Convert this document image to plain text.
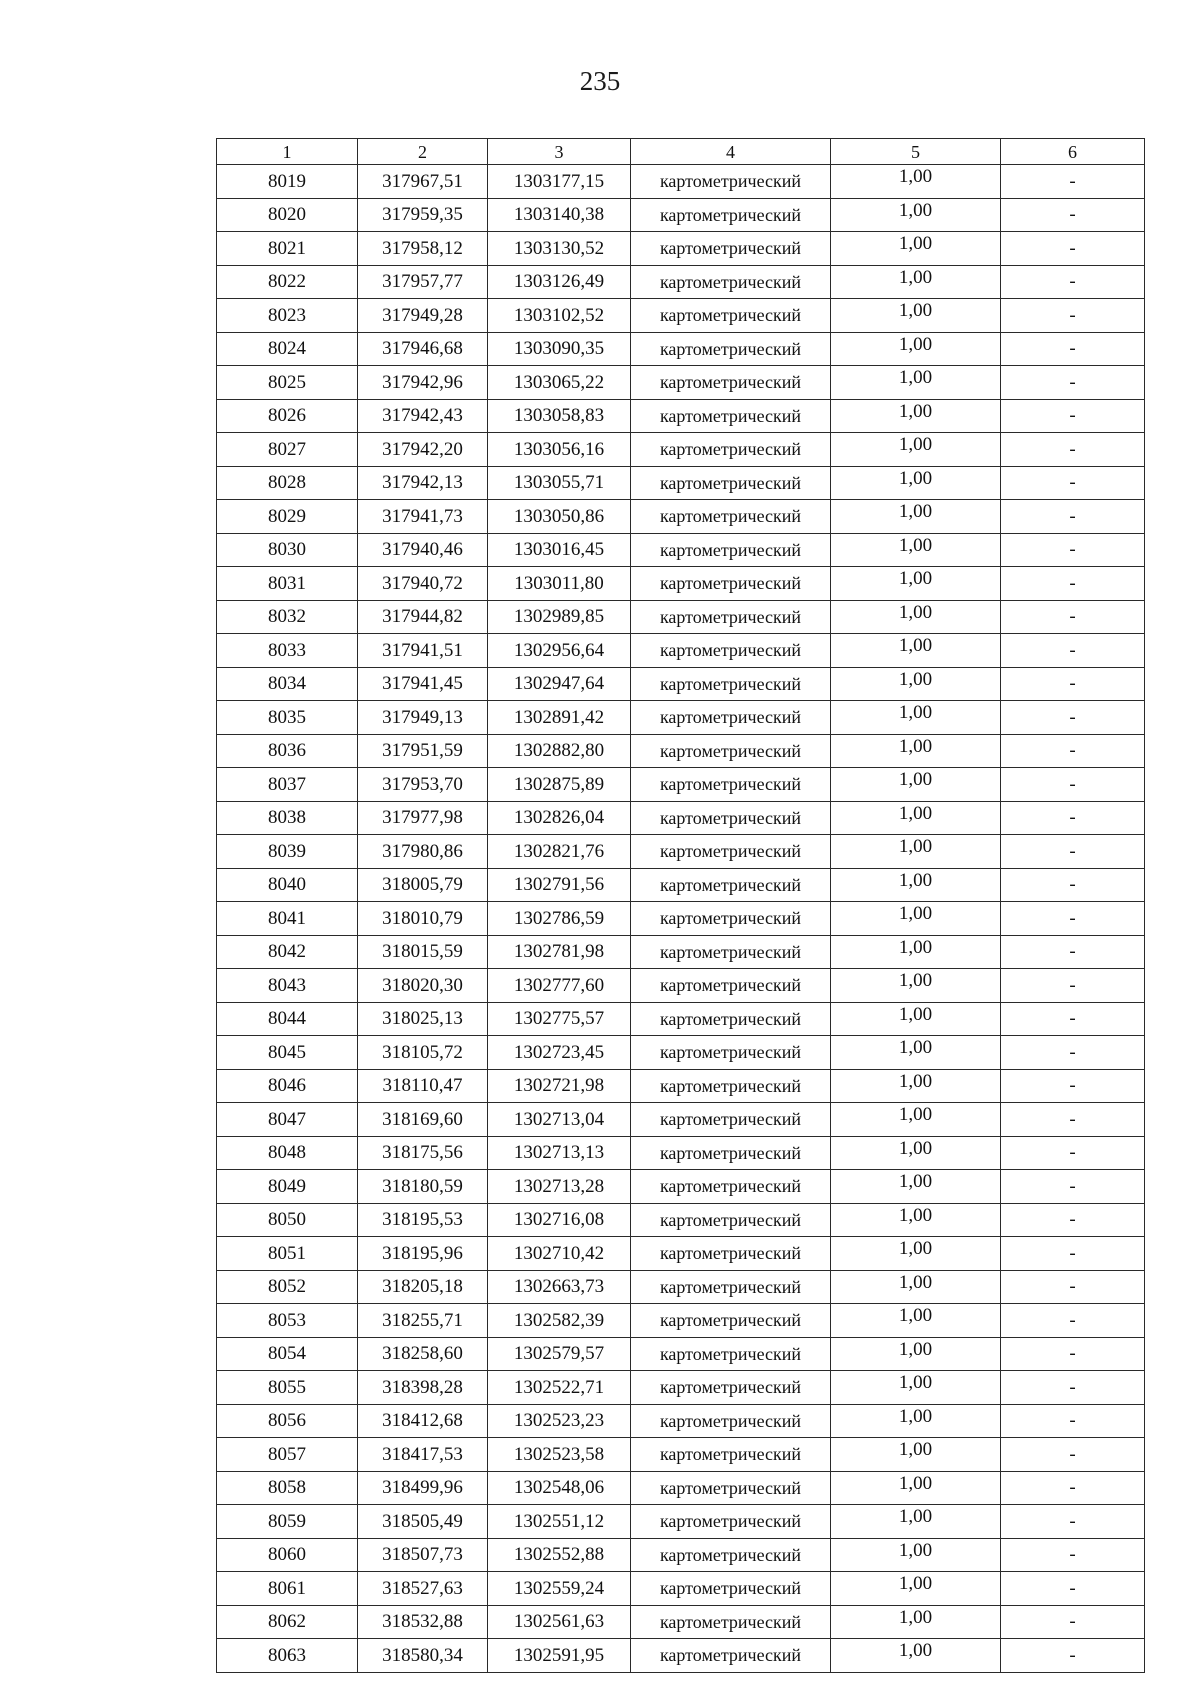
235
1	2	3	4	5	6
8019	317967,51	1303177,15	картометрический	1,00	-
8020	317959,35	1303140,38	картометрический	1,00	-
8021	317958,12	1303130,52	картометрический	1,00	-
8022	317957,77	1303126,49	картометрический	1,00	-
8023	317949,28	1303102,52	картометрический	1,00	-
8024	317946,68	1303090,35	картометрический	1,00	-
8025	317942,96	1303065,22	картометрический	1,00	-
8026	317942,43	1303058,83	картометрический	1,00	-
8027	317942,20	1303056,16	картометрический	1,00	-
8028	317942,13	1303055,71	картометрический	1,00	-
8029	317941,73	1303050,86	картометрический	1,00	-
8030	317940,46	1303016,45	картометрический	1,00	-
8031	317940,72	1303011,80	картометрический	1,00	-
8032	317944,82	1302989,85	картометрический	1,00	-
8033	317941,51	1302956,64	картометрический	1,00	-
8034	317941,45	1302947,64	картометрический	1,00	-
8035	317949,13	1302891,42	картометрический	1,00	-
8036	317951,59	1302882,80	картометрический	1,00	-
8037	317953,70	1302875,89	картометрический	1,00	-
8038	317977,98	1302826,04	картометрический	1,00	-
8039	317980,86	1302821,76	картометрический	1,00	-
8040	318005,79	1302791,56	картометрический	1,00	-
8041	318010,79	1302786,59	картометрический	1,00	-
8042	318015,59	1302781,98	картометрический	1,00	-
8043	318020,30	1302777,60	картометрический	1,00	-
8044	318025,13	1302775,57	картометрический	1,00	-
8045	318105,72	1302723,45	картометрический	1,00	-
8046	318110,47	1302721,98	картометрический	1,00	-
8047	318169,60	1302713,04	картометрический	1,00	-
8048	318175,56	1302713,13	картометрический	1,00	-
8049	318180,59	1302713,28	картометрический	1,00	-
8050	318195,53	1302716,08	картометрический	1,00	-
8051	318195,96	1302710,42	картометрический	1,00	-
8052	318205,18	1302663,73	картометрический	1,00	-
8053	318255,71	1302582,39	картометрический	1,00	-
8054	318258,60	1302579,57	картометрический	1,00	-
8055	318398,28	1302522,71	картометрический	1,00	-
8056	318412,68	1302523,23	картометрический	1,00	-
8057	318417,53	1302523,58	картометрический	1,00	-
8058	318499,96	1302548,06	картометрический	1,00	-
8059	318505,49	1302551,12	картометрический	1,00	-
8060	318507,73	1302552,88	картометрический	1,00	-
8061	318527,63	1302559,24	картометрический	1,00	-
8062	318532,88	1302561,63	картометрический	1,00	-
8063	318580,34	1302591,95	картометрический	1,00	-
